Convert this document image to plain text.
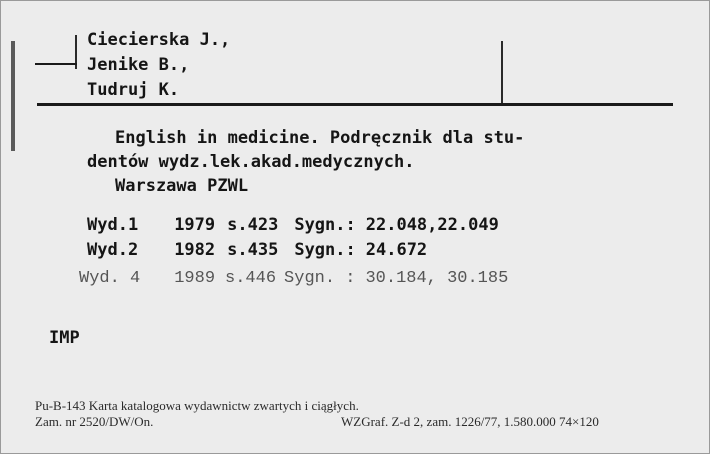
Ciecierska J.,
Jenike B.,
Tudruj K.
English in medicine. Podręcznik dla stu-
dentów wydz.lek.akad.medycznych.
Warszawa PZWL
Wyd.1 1979 s.423 Sygn.: 22.048,22.049
Wyd.2 1982 s.435 Sygn.: 24.672
Wyd. 4 1989 s.446 Sygn. : 30.184, 30.185
IMP
Pu-B-143 Karta katalogowa wydawnictw zwartych i ciągłych.
Zam. nr 2520/DW/On.	WZGraf. Z-d 2, zam. 1226/77, 1.580.000 74×120
